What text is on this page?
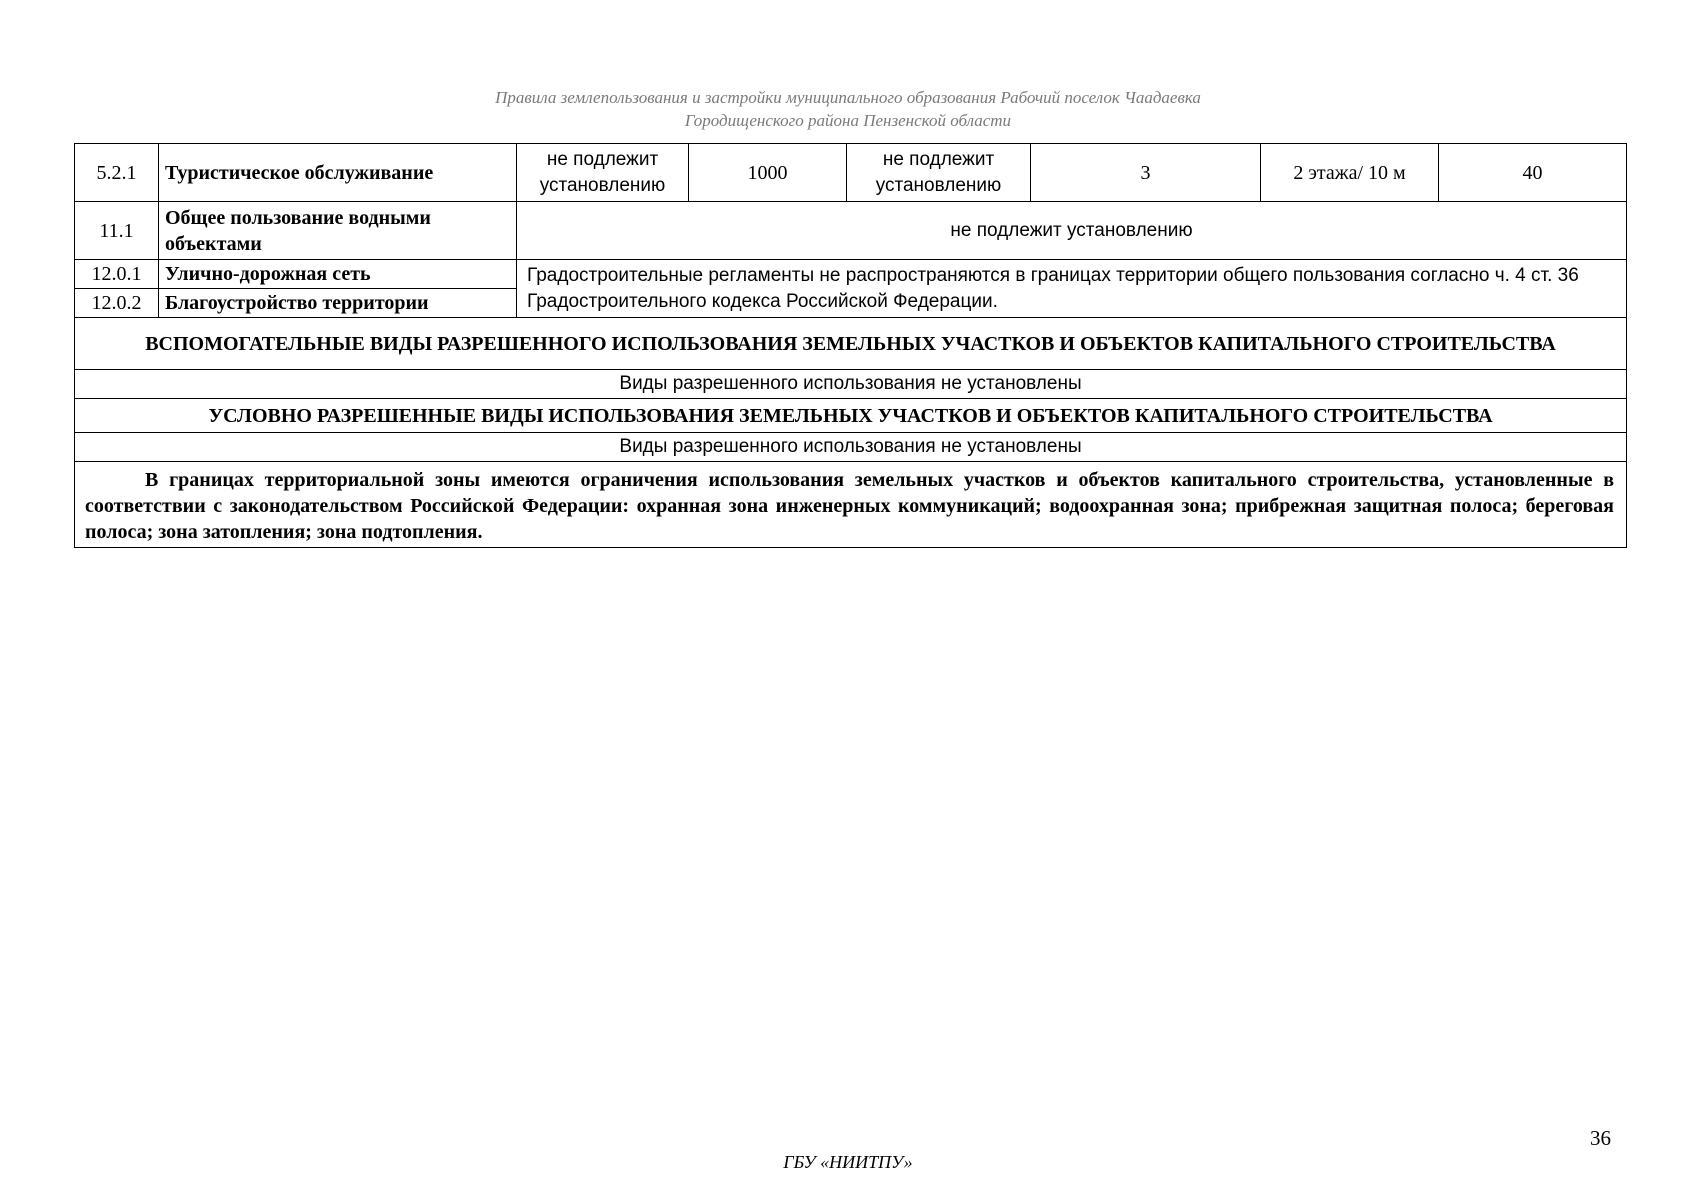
Правила землепользования и застройки муниципального образования Рабочий поселок Чаадаевка
Городищенского района Пензенской области
5.2.1	Туристическое обслуживание	не подлежит установлению	1000	не подлежит установлению	3	2 этажа/ 10 м	40
11.1	Общее пользование водными объектами	не подлежит установлению					
12.0.1	Улично-дорожная сеть	Градостроительные регламенты не распространяются в границах территории общего пользования согласно ч. 4 ст. 36 Градостроительного кодекса Российской Федерации.					
12.0.2	Благоустройство территории						
ВСПОМОГАТЕЛЬНЫЕ ВИДЫ РАЗРЕШЕННОГО ИСПОЛЬЗОВАНИЯ ЗЕМЕЛЬНЫХ УЧАСТКОВ И ОБЪЕКТОВ КАПИТАЛЬНОГО СТРОИТЕЛЬСТВА							
Виды разрешенного использования не установлены							
УСЛОВНО РАЗРЕШЕННЫЕ ВИДЫ ИСПОЛЬЗОВАНИЯ ЗЕМЕЛЬНЫХ УЧАСТКОВ И ОБЪЕКТОВ КАПИТАЛЬНОГО СТРОИТЕЛЬСТВА							
Виды разрешенного использования не установлены							

В границах территориальной зоны имеются ограничения использования земельных участков и объектов капитального строительства, установленные в соответствии с законодательством Российской Федерации: охранная зона инженерных коммуникаций; водоохранная зона; прибрежная защитная полоса; береговая полоса; зона затопления; зона подтопления.							
36
ГБУ «НИИТПУ»
